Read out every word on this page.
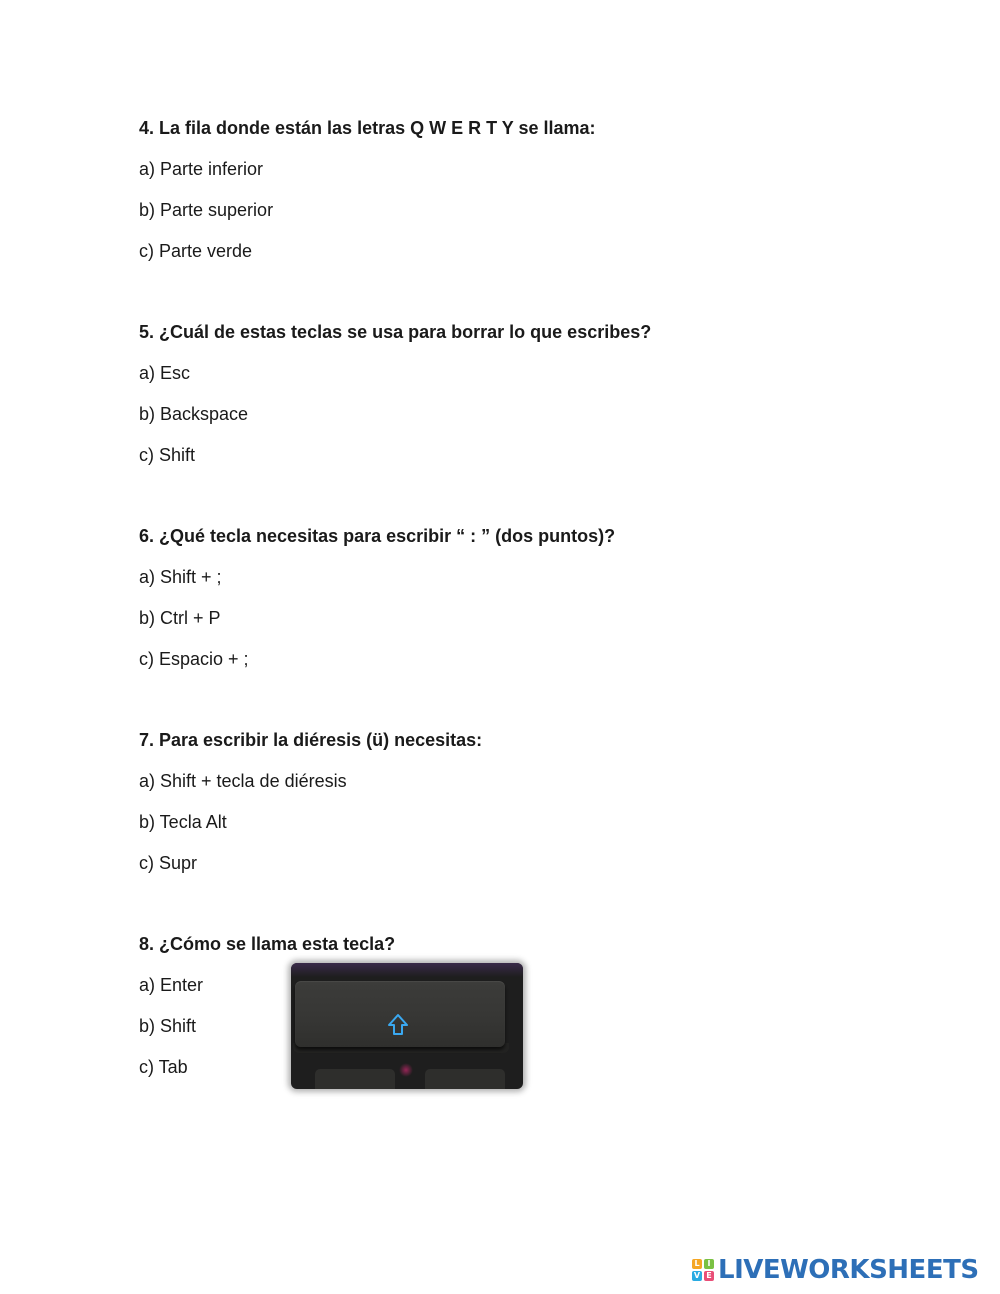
4. La fila donde están las letras Q W E R T Y se llama:

a) Parte inferior
b) Parte superior
c) Parte verde

5. ¿Cuál de estas teclas se usa para borrar lo que escribes?

a) Esc
b) Backspace
c) Shift

6. ¿Qué tecla necesitas para escribir “ : ” (dos puntos)?

a) Shift + ;
b) Ctrl + P
c) Espacio + ;

7. Para escribir la diéresis (ü) necesitas:

a) Shift + tecla de diéresis
b) Tecla Alt
c) Supr

8. ¿Cómo se llama esta tecla?

a) Enter
b) Shift
c) Tab
L I
V E LIVEWORKSHEETS
